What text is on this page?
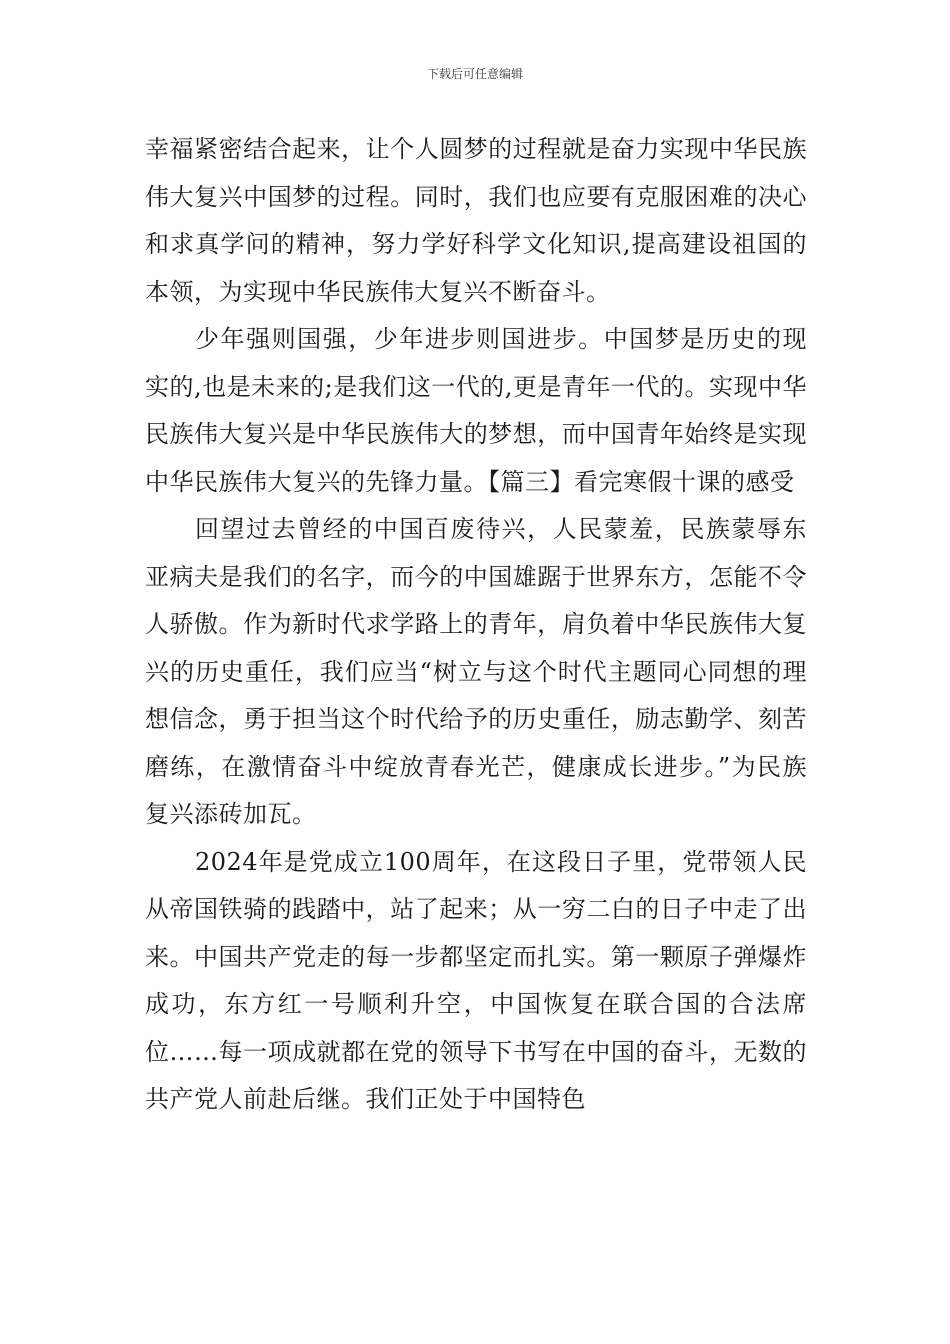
下载后可任意编辑

幸福紧密结合起来，让个人圆梦的过程就是奋力实现中华民族伟大复兴中国梦的过程。同时，我们也应要有克服困难的决心和求真学问的精神，努力学好科学文化知识,提高建设祖国的本领，为实现中华民族伟大复兴不断奋斗。

少年强则国强，少年进步则国进步。中国梦是历史的现实的,也是未来的;是我们这一代的,更是青年一代的。实现中华民族伟大复兴是中华民族伟大的梦想，而中国青年始终是实现中华民族伟大复兴的先锋力量。【篇三】看完寒假十课的感受

回望过去曾经的中国百废待兴，人民蒙羞，民族蒙辱东亚病夫是我们的名字，而今的中国雄踞于世界东方，怎能不令人骄傲。作为新时代求学路上的青年，肩负着中华民族伟大复兴的历史重任，我们应当“树立与这个时代主题同心同想的理想信念，勇于担当这个时代给予的历史重任，励志勤学、刻苦磨练，在激情奋斗中绽放青春光芒，健康成长进步。”为民族复兴添砖加瓦。

2024年是党成立100周年，在这段日子里，党带领人民从帝国铁骑的践踏中，站了起来；从一穷二白的日子中走了出来。中国共产党走的每一步都坚定而扎实。第一颗原子弹爆炸成功，东方红一号顺利升空，中国恢复在联合国的合法席位……每一项成就都在党的领导下书写在中国的奋斗，无数的共产党人前赴后继。我们正处于中国特色
